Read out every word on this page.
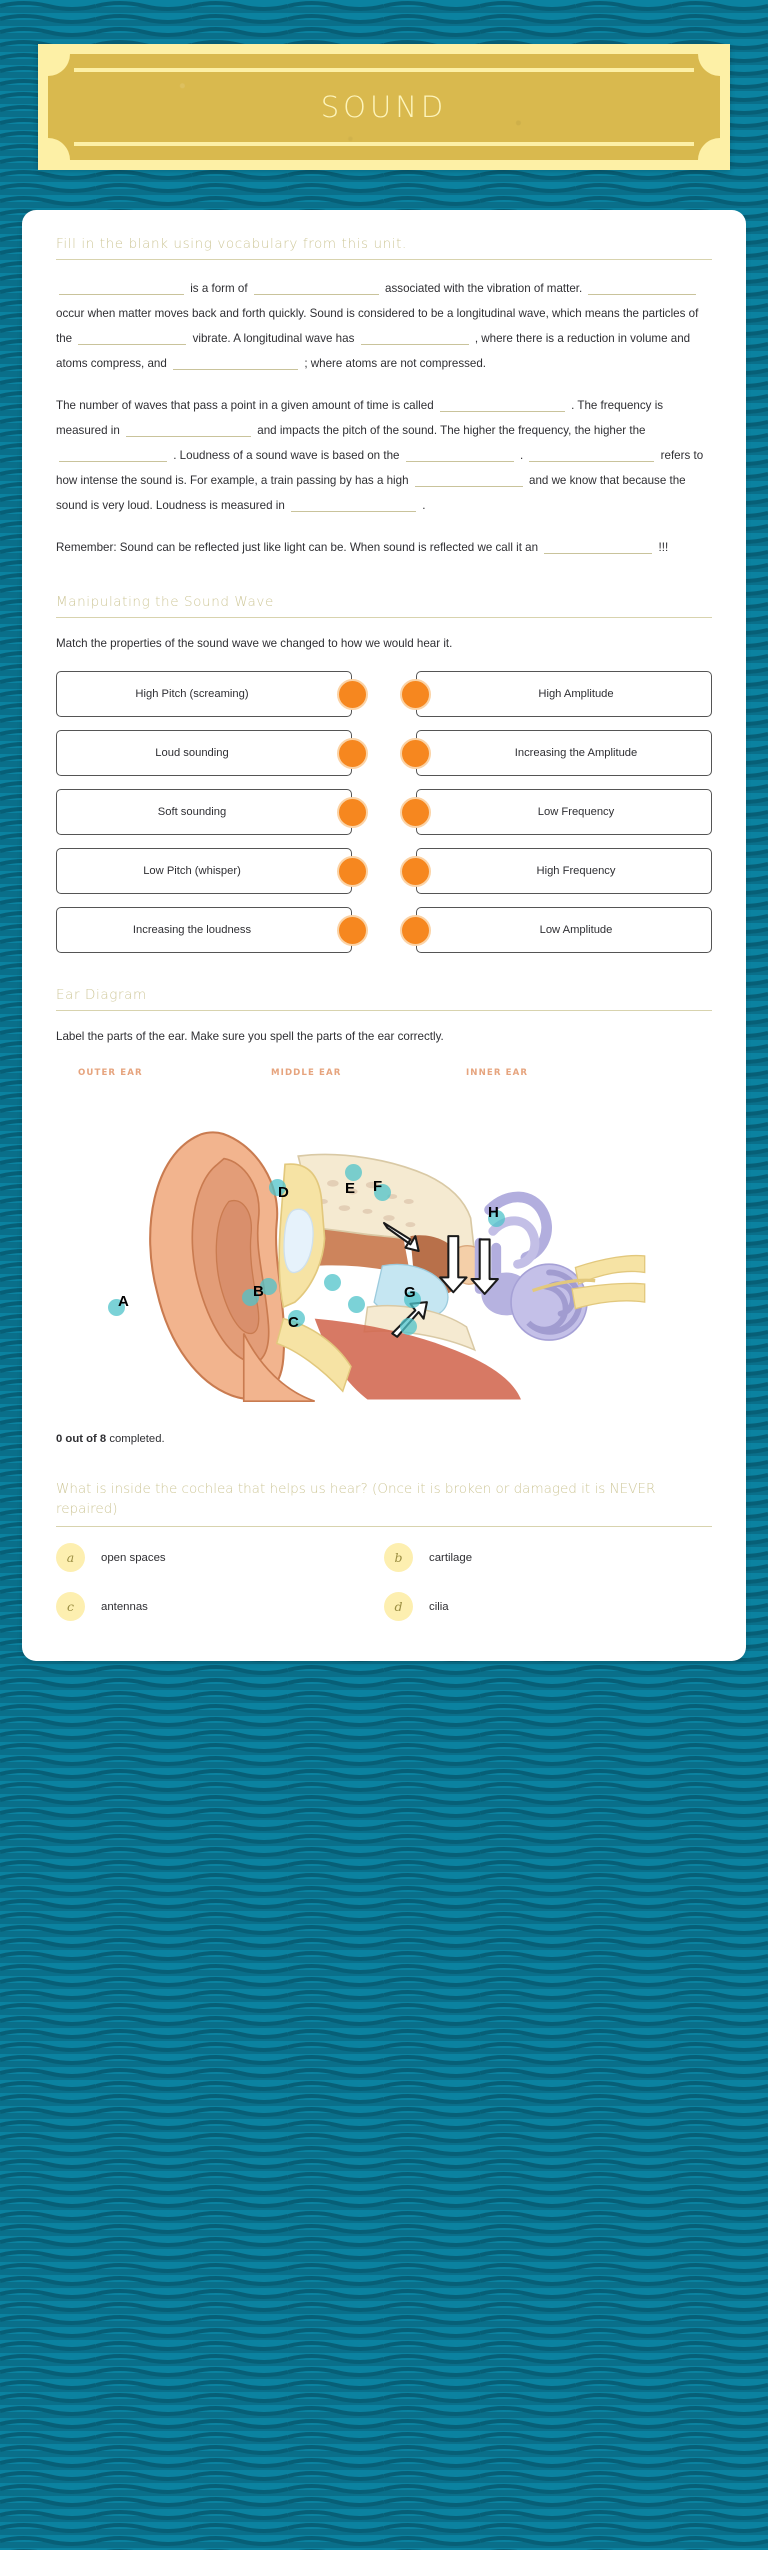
SOUND
Fill in the blank using vocabulary from this unit.
is a form of	associated with the vibration of matter.  occur when matter moves back and forth quickly. Sound is considered to be a longitudinal wave, which means the particles of the	vibrate. A longitudinal wave has	, where there is a reduction in volume and atoms compress, and	; where atoms are not compressed.
The number of waves that pass a point in a given amount of time is called	. The frequency is measured in	and impacts the pitch of the sound. The higher the frequency, the higher the  . Loudness of a sound wave is based on the	.	refers to how intense the sound is. For example, a train passing by has a high	and we know that because the sound is very loud. Loudness is measured in	.
Remember: Sound can be reflected just like light can be. When sound is reflected we call it an	!!!
Manipulating the Sound Wave
Match the properties of the sound wave we changed to how we would hear it.
High Pitch (screaming)
Loud sounding
Soft sounding
Low Pitch (whisper)
Increasing the loudness
High Amplitude
Increasing the Amplitude
Low Frequency
High Frequency
Low Amplitude
Ear Diagram
Label the parts of the ear. Make sure you spell the parts of the ear correctly.
OUTER EAR	MIDDLE EAR	INNER EAR
A
B
C
D	E F
G
H
0 out of 8 completed.
What is inside the cochlea that helps us hear? (Once it is broken or damaged it is NEVER repaired)
a	open spaces	b	cartilage
c	antennas	d	cilia
